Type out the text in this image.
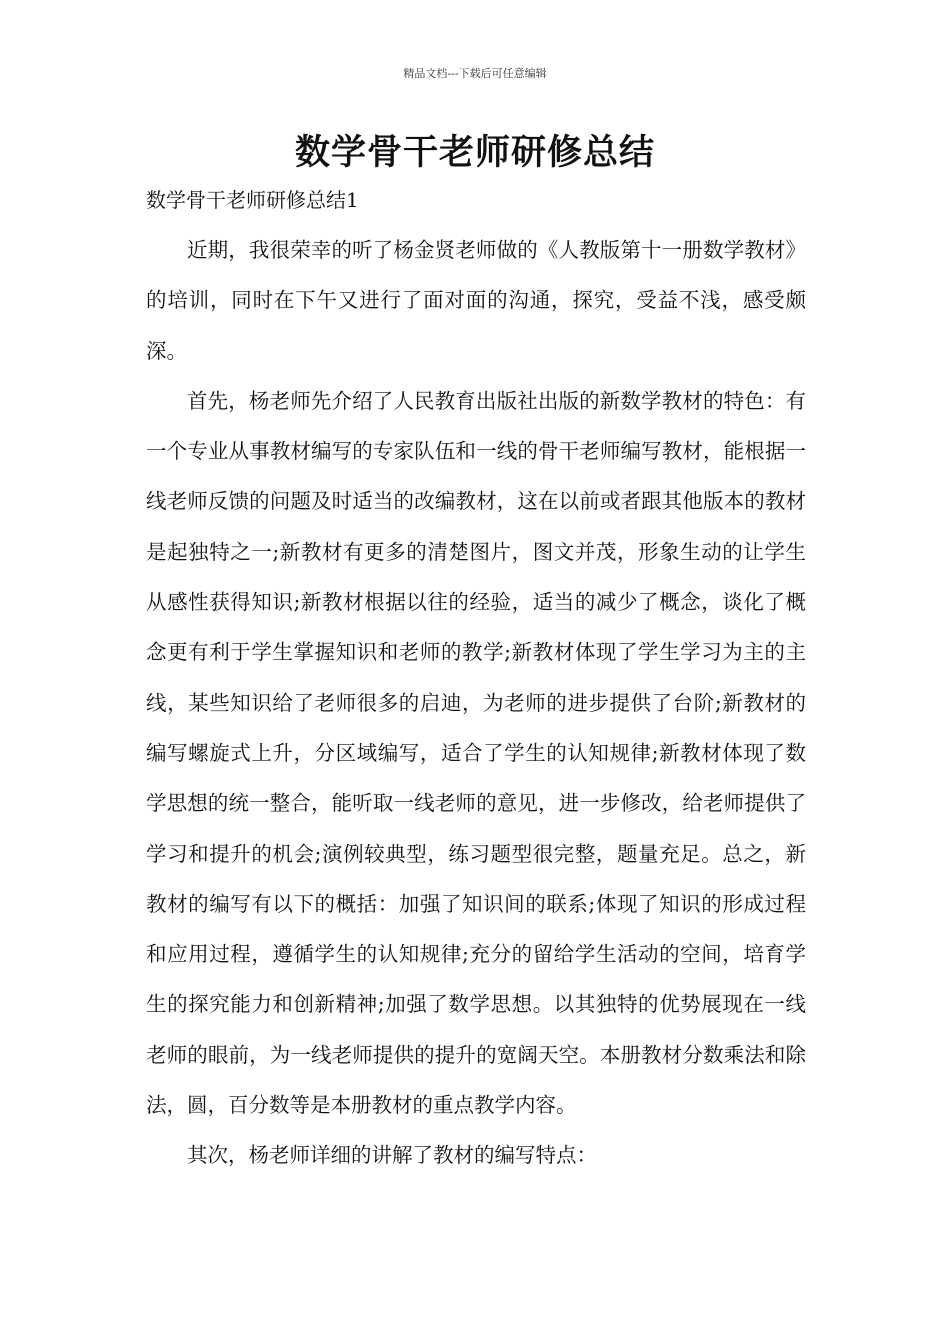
精品文档---下载后可任意编辑
数学骨干老师研修总结

数学骨干老师研修总结1

近期，我很荣幸的听了杨金贤老师做的《人教版第十一册数学教材》的培训，同时在下午又进行了面对面的沟通，探究，受益不浅，感受颇深。

首先，杨老师先介绍了人民教育出版社出版的新数学教材的特色：有一个专业从事教材编写的专家队伍和一线的骨干老师编写教材，能根据一线老师反馈的问题及时适当的改编教材，这在以前或者跟其他版本的教材是起独特之一;新教材有更多的清楚图片，图文并茂，形象生动的让学生从感性获得知识;新教材根据以往的经验，适当的减少了概念，谈化了概念更有利于学生掌握知识和老师的教学;新教材体现了学生学习为主的主线，某些知识给了老师很多的启迪，为老师的进步提供了台阶;新教材的编写螺旋式上升，分区域编写，适合了学生的认知规律;新教材体现了数学思想的统一整合，能听取一线老师的意见，进一步修改，给老师提供了学习和提升的机会;演例较典型，练习题型很完整，题量充足。总之，新教材的编写有以下的概括：加强了知识间的联系;体现了知识的形成过程和应用过程，遵循学生的认知规律;充分的留给学生活动的空间，培育学生的探究能力和创新精神;加强了数学思想。以其独特的优势展现在一线老师的眼前，为一线老师提供的提升的宽阔天空。本册教材分数乘法和除法，圆，百分数等是本册教材的重点教学内容。

其次，杨老师详细的讲解了教材的编写特点：
